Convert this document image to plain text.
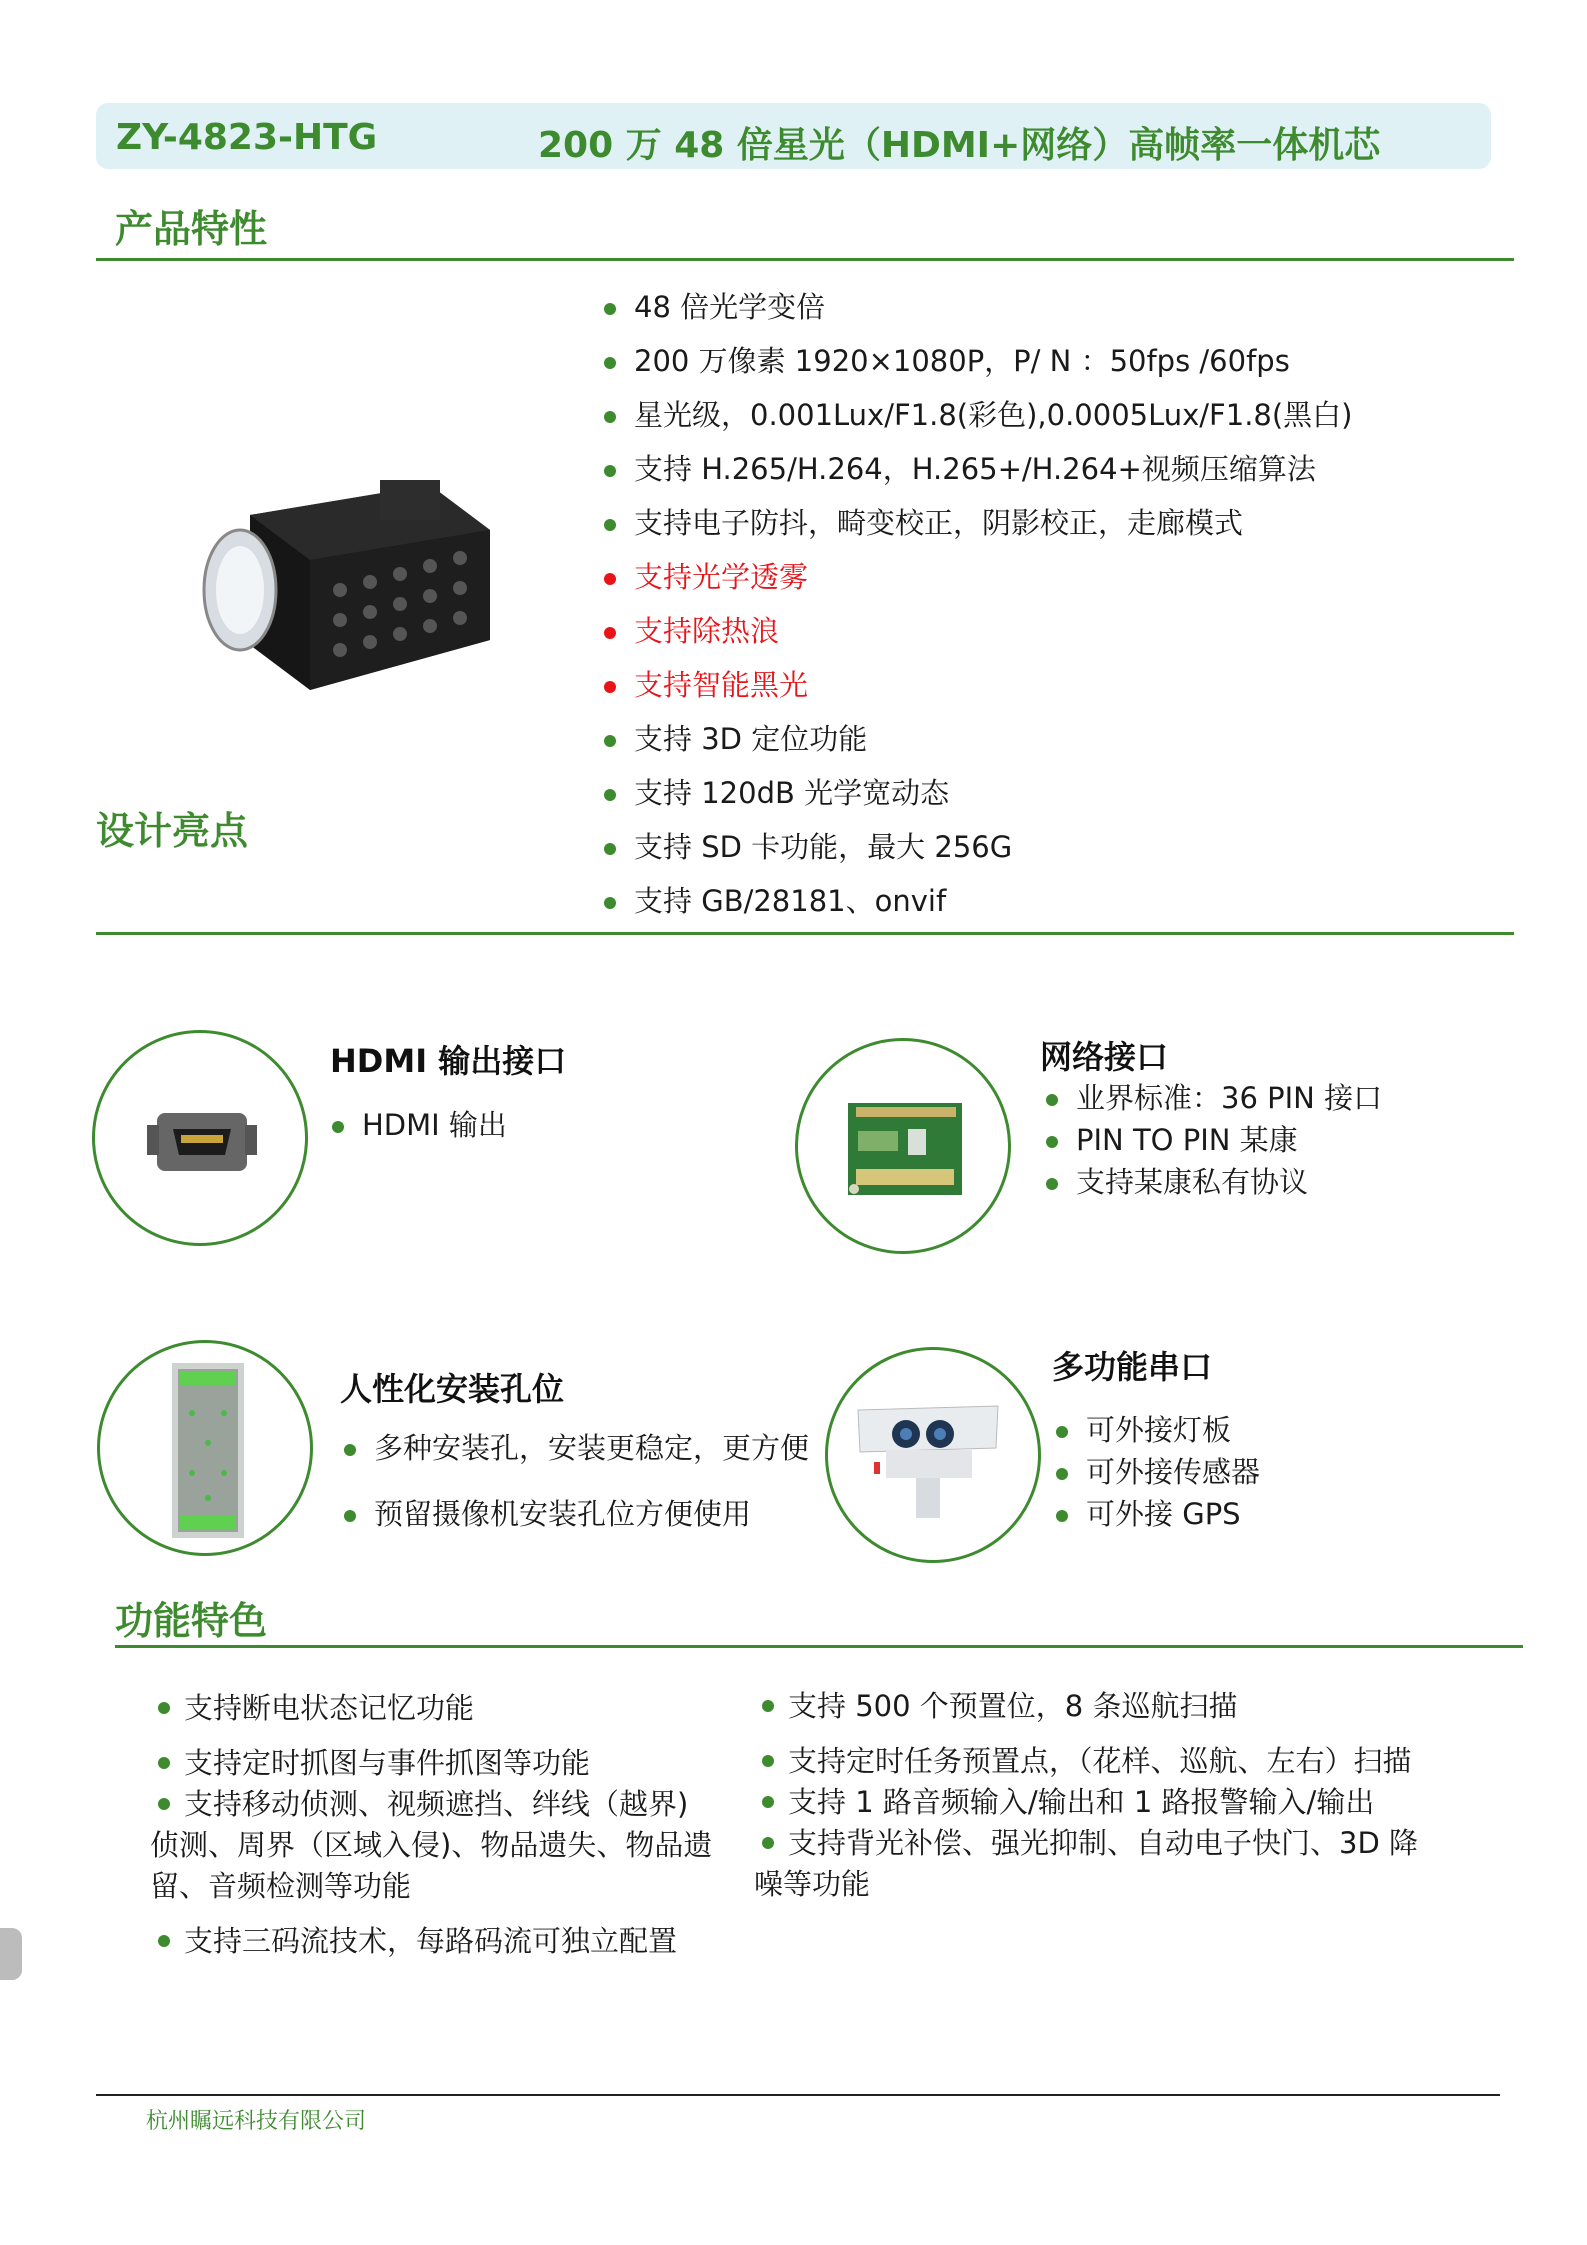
ZY-4823-HTG	200 万 48 倍星光（HDMI+网络）高帧率一体机芯
产品特性
48 倍光学变倍
200 万像素 1920×1080P，P/ N ：50fps /60fps
星光级，0.001Lux/F1.8(彩色),0.0005Lux/F1.8(黑白)
支持 H.265/H.264，H.265+/H.264+视频压缩算法
支持电子防抖，畸变校正，阴影校正，走廊模式
支持光学透雾
支持除热浪
支持智能黑光
支持 3D 定位功能
支持 120dB 光学宽动态
支持 SD 卡功能，最大 256G
支持 GB/28181、onvif
设计亮点
HDMI 输出接口
HDMI 输出
网络接口
业界标准：36 PIN 接口
PIN TO PIN 某康
支持某康私有协议
人性化安装孔位
多种安装孔，安装更稳定，更方便
预留摄像机安装孔位方便使用
多功能串口
可外接灯板
可外接传感器
可外接 GPS
功能特色
支持断电状态记忆功能
支持定时抓图与事件抓图等功能
支持移动侦测、视频遮挡、绊线（越界)
侦测、周界（区域入侵)、物品遗失、物品遗
留、音频检测等功能
支持三码流技术，每路码流可独立配置
支持 500 个预置位，8 条巡航扫描
支持定时任务预置点，（花样、巡航、左右）扫描
支持 1 路音频输入/输出和 1 路报警输入/输出
支持背光补偿、强光抑制、自动电子快门、3D 降
噪等功能
杭州瞩远科技有限公司
